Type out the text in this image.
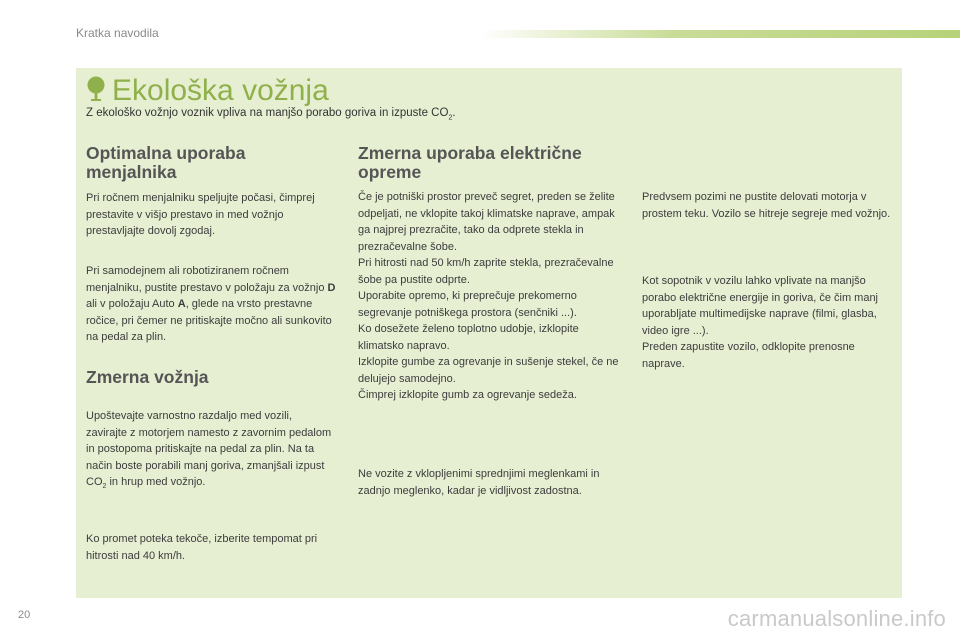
Kratka navodila
Ekološka vožnja

Z ekološko vožnjo voznik vpliva na manjšo porabo goriva in izpuste $CO_2$.

Optimalna uporaba
menjalnika

Pri ročnem menjalniku speljujte počasi, čimprej prestavite v višjo prestavo in med vožnjo prestavljajte dovolj zgodaj.

Pri samodejnem ali robotiziranem ročnem menjalniku, pustite prestavo v položaju za vožnjo D ali v položaju Auto A, glede na vrsto prestavne ročice, pri čemer ne pritiskajte močno ali sunkovito na pedal za plin.

Zmerna vožnja

Upoštevajte varnostno razdaljo med vozili, zavirajte z motorjem namesto z zavornim pedalom in postopoma pritiskajte na pedal za plin. Na ta način boste porabili manj goriva, zmanjšali izpust $CO_2$ in hrup med vožnjo.

Ko promet poteka tekoče, izberite tempomat pri hitrosti nad 40 km/h.

Zmerna uporaba električne
opreme

Če je potniški prostor preveč segret, preden se želite odpeljati, ne vklopite takoj klimatske naprave, ampak ga najprej prezračite, tako da odprete stekla in prezračevalne šobe.
Pri hitrosti nad 50 km/h zaprite stekla, prezračevalne šobe pa pustite odprte.
Uporabite opremo, ki preprečuje prekomerno segrevanje potniškega prostora (senčniki ...).
Ko dosežete želeno toplotno udobje, izklopite klimatsko napravo.
Izklopite gumbe za ogrevanje in sušenje stekel, če ne delujejo samodejno.
Čimprej izklopite gumb za ogrevanje sedeža.

Ne vozite z vklopljenimi sprednjimi meglenkami in zadnjo meglenko, kadar je vidljivost zadostna.

Predvsem pozimi ne pustite delovati motorja v prostem teku. Vozilo se hitreje segreje med vožnjo.

Kot sopotnik v vozilu lahko vplivate na manjšo porabo električne energije in goriva, če čim manj uporabljate multimedijske naprave (filmi, glasba, video igre ...).
Preden zapustite vozilo, odklopite prenosne naprave.

20	carmanualsonline.info
